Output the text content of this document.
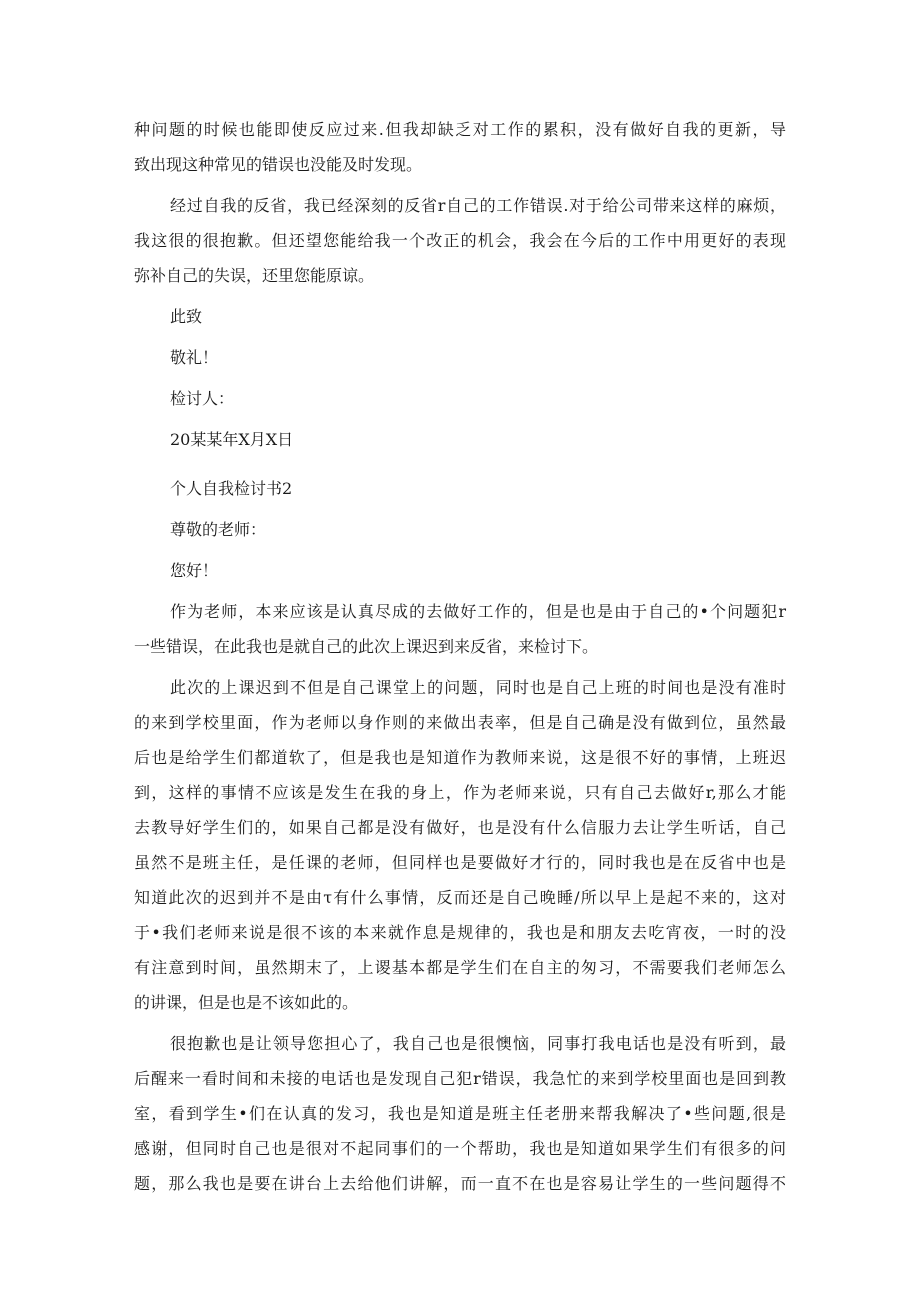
种问题的时候也能即使反应过来.但我却缺乏对工作的累积，没有做好自我的更新，导
致出现这种常见的错误也没能及时发现。
经过自我的反省，我已经深刻的反省r自己的工作错误.对于给公司带来这样的麻烦，
我这很的很抱歉。但还望您能给我一个改正的机会，我会在今后的工作中用更好的表现
弥补自己的失误，还里您能原谅。
此致
敬礼！
检讨人：
20某某年X月X日
个人自我检讨书2
尊敬的老师：
您好！
作为老师，本来应该是认真尽成的去做好工作的，但是也是由于自己的•个问题犯r
一些错误，在此我也是就自己的此次上课迟到来反省，来检讨下。
此次的上课迟到不但是自己课堂上的问题，同时也是自己上班的时间也是没有准时
的来到学校里面，作为老师以身作则的来做出表率，但是自己确是没有做到位，虽然最
后也是给学生们都道软了，但是我也是知道作为教师来说，这是很不好的事情，上班迟
到，这样的事情不应该是发生在我的身上，作为老师来说，只有自己去做好r,那么才能
去教导好学生们的，如果自己都是没有做好，也是没有什么信服力去让学生听话，自己
虽然不是班主任，是任课的老师，但同样也是要做好才行的，同时我也是在反省中也是
知道此次的迟到并不是由τ有什么事情，反而还是自己晚睡/所以早上是起不来的，这对
于•我们老师来说是很不该的本来就作息是规律的，我也是和朋友去吃宵夜，一时的没
有注意到时间，虽然期末了，上谡基本都是学生们在自主的匆习，不需要我们老师怎么
的讲课，但是也是不该如此的。
很抱歉也是让领导您担心了，我自己也是很懊恼，同事打我电话也是没有听到，最
后醒来一看时间和未接的电话也是发现自己犯r错误，我急忙的来到学校里面也是回到教
室，看到学生•们在认真的发习，我也是知道是班主任老册来帮我解决了•些问题,很是
感谢，但同时自己也是很对不起同事们的一个帮助，我也是知道如果学生们有很多的问
题，那么我也是要在讲台上去给他们讲解，而一直不在也是容易让学生的一些问题得不
